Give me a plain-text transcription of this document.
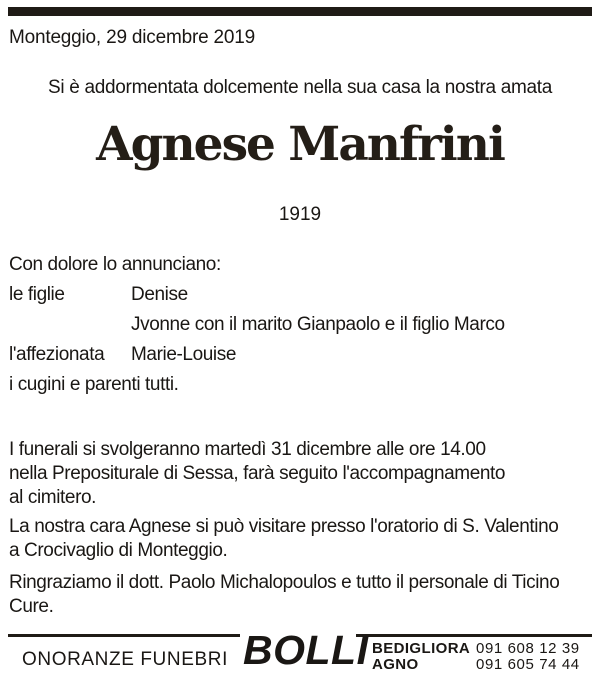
Monteggio, 29 dicembre 2019
Si è addormentata dolcemente nella sua casa la nostra amata
Agnese Manfrini
1919
Con dolore lo annunciano:
le figlie	Denise
Jvonne con il marito Gianpaolo e il figlio Marco
l'affezionata Marie-Louise
i cugini e parenti tutti.
I funerali si svolgeranno martedì 31 dicembre alle ore 14.00
nella Prepositurale di Sessa, farà seguito l'accompagnamento
al cimitero.
La nostra cara Agnese si può visitare presso l'oratorio di S. Valentino
a Crocivaglio di Monteggio.
Ringraziamo il dott. Paolo Michalopoulos e tutto il personale di Ticino
Cure.
ONORANZE FUNEBRI BOLLI BEDIGLIORA 091 608 12 39
AGNO	091 605 74 44
